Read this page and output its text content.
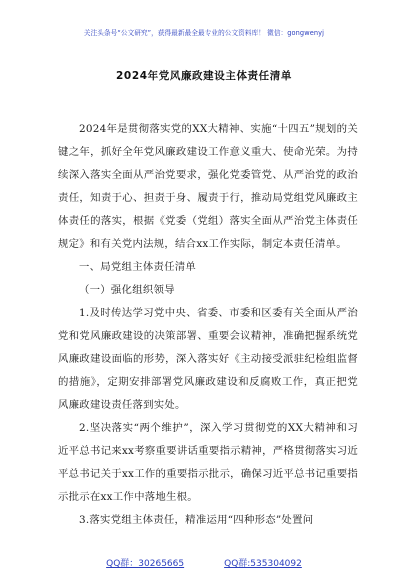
关注头条号“公文研究”，获得最新最全最专业的公文资料库！ 微信：gongwenyj
2024年党风廉政建设主体责任清单

2024年是贯彻落实党的XX大精神、实施“十四五”规划的关键之年，抓好全年党风廉政建设工作意义重大、使命光荣。为持续深入落实全面从严治党要求，强化党委管党、从严治党的政治责任，知责于心、担责于身、履责于行，推动局党组党风廉政主体责任的落实，根据《党委（党组）落实全面从严治党主体责任规定》和有关党内法规，结合xx工作实际，制定本责任清单。

一、局党组主体责任清单

（一）强化组织领导

1.及时传达学习党中央、省委、市委和区委有关全面从严治党和党风廉政建设的决策部署、重要会议精神，准确把握系统党风廉政建设面临的形势，深入落实好《主动接受派驻纪检组监督的措施》，定期安排部署党风廉政建设和反腐败工作，真正把党风廉政建设责任落到实处。

2.坚决落实“两个维护”，深入学习贯彻党的XX大精神和习近平总书记来xx考察重要讲话重要指示精神，严格贯彻落实习近平总书记关于xx工作的重要指示批示，确保习近平总书记重要指示批示在xx工作中落地生根。

3.落实党组主体责任，精准运用“四种形态”处置问

QQ群：30265665	QQ群:535304092
